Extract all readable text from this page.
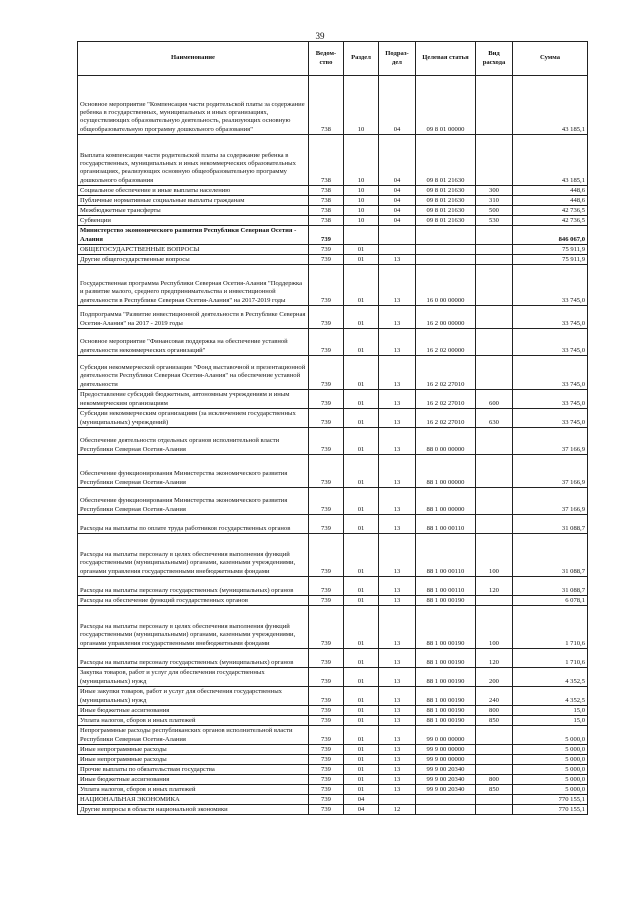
39
Наименование	Ведом-ство	Раздел	Подраз-дел	Целевая статья	Вид расхода	Сумма
Основное мероприятие "Компенсация части родительской платы за содержание ребенка в государственных, муниципальных и иных организациях, осуществляющих образовательную деятельность, реализующих основную общеобразовательную программу дошкольного образования"	738	10	04	09 8 01 00000		43 185,1
Выплата компенсации части родительской платы за содержание ребенка в государственных, муниципальных и иных некоммерческих образовательных организациях, реализующих основную общеобразовательную программу дошкольного образования	738	10	04	09 8 01 21630		43 185,1
Социальное обеспечение и иные выплаты населению	738	10	04	09 8 01 21630	300	448,6
Публичные нормативные социальные выплаты гражданам	738	10	04	09 8 01 21630	310	448,6
Межбюджетные трансферты	738	10	04	09 8 01 21630	500	42 736,5
Субвенции	738	10	04	09 8 01 21630	530	42 736,5
Министерство экономического развития Республики Северная Осетия - Алания	739					846 067,0
ОБЩЕГОСУДАРСТВЕННЫЕ ВОПРОСЫ	739	01				75 911,9
Другие общегосударственные вопросы	739	01	13			75 911,9
Государственная программа Республики Северная Осетия-Алания "Поддержка и развитие малого, среднего предпринимательства и инвестиционной деятельности в Республике Северная Осетия-Алания" на 2017-2019 годы	739	01	13	16 0 00 00000		33 745,0
Подпрограмма "Развитие инвестиционной деятельности в Республике Северная Осетия-Алания" на 2017 - 2019 годы	739	01	13	16 2 00 00000		33 745,0
Основное мероприятие "Финансовая поддержка на обеспечение уставной деятельности некоммерческих организаций"	739	01	13	16 2 02 00000		33 745,0
Субсидия некоммерческой организации "Фонд выставочной и презентационной деятельности Республики Северная Осетия-Алания" на обеспечение уставной деятельности	739	01	13	16 2 02 27010		33 745,0
Предоставление субсидий бюджетным, автономным учреждениям и иным некоммерческим организациям	739	01	13	16 2 02 27010	600	33 745,0
Субсидии некоммерческим организациям (за исключением государственных (муниципальных) учреждений)	739	01	13	16 2 02 27010	630	33 745,0
Обеспечение деятельности отдельных органов исполнительной власти Республики Северная Осетия-Алания	739	01	13	88 0 00 00000		37 166,9
Обеспечение функционирования Министерства экономического развития Республики Северная Осетия-Алания	739	01	13	88 1 00 00000		37 166,9
Обеспечение функционирования Министерства экономического развития Республики Северная Осетия-Алания	739	01	13	88 1 00 00000		37 166,9
Расходы на выплаты по оплате труда работников государственных органов	739	01	13	88 1 00 00110		31 088,7
Расходы на выплаты персоналу в целях обеспечения выполнения функций государственными (муниципальными) органами, казенными учреждениями, органами управления государственными внебюджетными фондами	739	01	13	88 1 00 00110	100	31 088,7
Расходы на выплаты персоналу государственных (муниципальных) органов	739	01	13	88 1 00 00110	120	31 088,7
Расходы на обеспечение функций государственных органов	739	01	13	88 1 00 00190		6 078,1
Расходы на выплаты персоналу в целях обеспечения выполнения функций государственными (муниципальными) органами, казенными учреждениями, органами управления государственными внебюджетными фондами	739	01	13	88 1 00 00190	100	1 710,6
Расходы на выплаты персоналу государственных (муниципальных) органов	739	01	13	88 1 00 00190	120	1 710,6
Закупка товаров, работ и услуг для обеспечения государственных (муниципальных) нужд	739	01	13	88 1 00 00190	200	4 352,5
Иные закупки товаров, работ и услуг для обеспечения государственных (муниципальных) нужд	739	01	13	88 1 00 00190	240	4 352,5
Иные бюджетные ассигнования	739	01	13	88 1 00 00190	800	15,0
Уплата налогов, сборов и иных платежей	739	01	13	88 1 00 00190	850	15,0
Непрограммные расходы республиканских органов исполнительной власти Республики Северная Осетия-Алания	739	01	13	99 0 00 00000		5 000,0
Иные непрограммные расходы	739	01	13	99 9 00 00000		5 000,0
Иные непрограммные расходы	739	01	13	99 9 00 00000		5 000,0
Прочие выплаты по обязательствам государства	739	01	13	99 9 00 20340		5 000,0
Иные бюджетные ассигнования	739	01	13	99 9 00 20340	800	5 000,0
Уплата налогов, сборов и иных платежей	739	01	13	99 9 00 20340	850	5 000,0
НАЦИОНАЛЬНАЯ ЭКОНОМИКА	739	04				770 155,1
Другие вопросы в области национальной экономики	739	04	12			770 155,1
